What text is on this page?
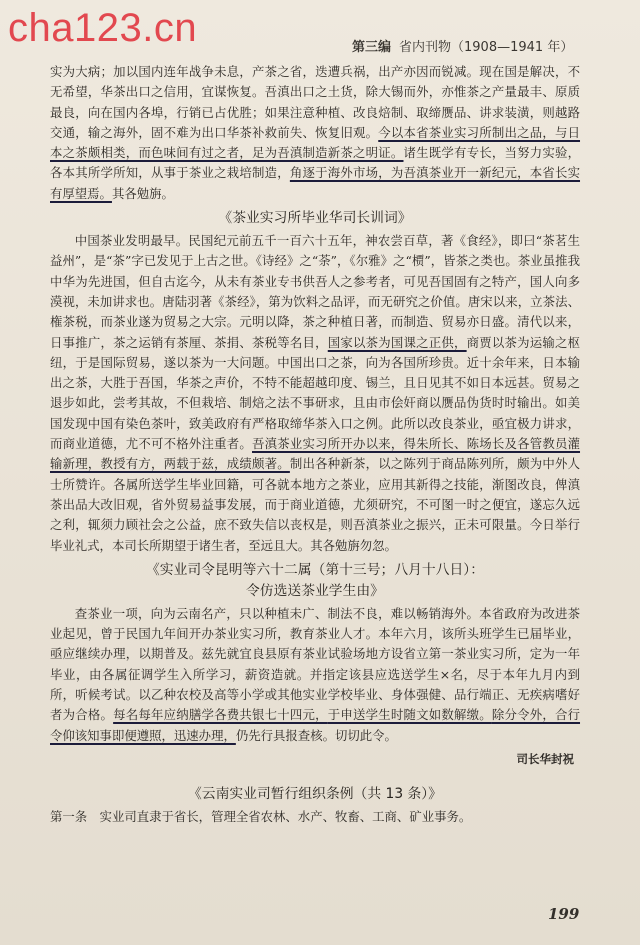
cha123.cn	第三编 省内刊物（1908—1941 年）

实为大病；加以国内连年战争未息，产茶之省，迭遭兵祸，出产亦因而锐减。现在国是解决，不无希望，华茶出口之信用，宜谋恢复。吾滇出口之土货，除大锡而外，亦惟茶之产量最丰、原质最良，向在国内各埠，行销已占优胜；如果注意种植、改良焙制、取缔赝品、讲求装潢，则越路交通，输之海外，固不难为出口华茶补救前失、恢复旧观。今以本省茶业实习所制出之品，与日本之茶颇相类，而色味间有过之者，足为吾滇制造新茶之明证。诸生既学有专长，当努力实验，各本其所学所知，从事于茶业之栽培制造，角逐于海外市场，为吾滇茶业开一新纪元，本省长实有厚望焉。其各勉旃。

《茶业实习所毕业华司长训词》

中国茶业发明最早。民国纪元前五千一百六十五年，神农尝百草，著《食经》，即曰“茶茗生益州”，是“茶”字已发见于上古之世。《诗经》之“荼”，《尔雅》之“槚”，皆茶之类也。茶业虽推我中华为先进国，但自古迄今，从未有茶业专书供吾人之参考者，可见吾国固有之特产，国人向多漠视，未加讲求也。唐陆羽著《茶经》，第为饮料之品评，而无研究之价值。唐宋以来，立茶法、権茶税，而茶业遂为贸易之大宗。元明以降，茶之种植日著，而制造、贸易亦日盛。清代以来，日事推广，茶之运销有茶厘、茶捐、茶税等名目，国家以茶为国课之正供，商贾以茶为运输之枢纽，于是国际贸易，遂以茶为一大问题。中国出口之茶，向为各国所珍贵。近十余年来，日本输出之茶，大胜于吾国，华茶之声价，不特不能超越印度、锡兰，且日见其不如日本远甚。贸易之退步如此，尝考其故，不但栽培、制焙之法不事研求，且由市侩奸商以赝品伪货时时输出。如美国发现中国有染色茶叶，致美政府有严格取缔华茶入口之例。此所以改良茶业，亟宜极力讲求，而商业道德，尤不可不格外注重者。吾滇茶业实习所开办以来，得朱所长、陈场长及各管教员灌输新理，教授有方，两载于兹，成绩颇著。制出各种新茶，以之陈列于商品陈列所，颇为中外人士所赞许。各属所送学生毕业回籍，可各就本地方之茶业，应用其新得之技能，渐图改良，俾滇茶出品大改旧观，省外贸易益事发展，而于商业道德，尤须研究，不可图一时之便宜，遂忘久远之利，辄须力顾社会之公益，庶不致失信以丧权是，则吾滇茶业之振兴，正未可限量。今日举行毕业礼式，本司长所期望于诸生者，至远且大。其各勉旃勿忽。

《实业司令昆明等六十二属（第十三号；八月十八日）：
令仿选送茶业学生由》

查茶业一项，向为云南名产，只以种植未广、制法不良，难以畅销海外。本省政府为改进茶业起见，曾于民国九年间开办茶业实习所，教育茶业人才。本年六月，该所头班学生已届毕业，亟应继续办理，以期普及。兹先就宜良县原有茶业试验场地方设省立第一茶业实习所，定为一年毕业，由各属征调学生入所学习，薪资造就。并指定该县应选送学生×名，尽于本年九月内到所，听候考试。以乙种农校及高等小学或其他实业学校毕业、身体强健、品行端正、无疾病嗜好者为合格。每名每年应纳膳学各费共银七十四元，于申送学生时随文如数解缴。除分令外，合行令仰该知事即便遵照，迅速办理，仍先行具报查核。切切此令。

司长华封祝
《云南实业司暂行组织条例（共 13 条）》

第一条　实业司直隶于省长，管理全省农林、水产、牧畜、工商、矿业事务。

199
